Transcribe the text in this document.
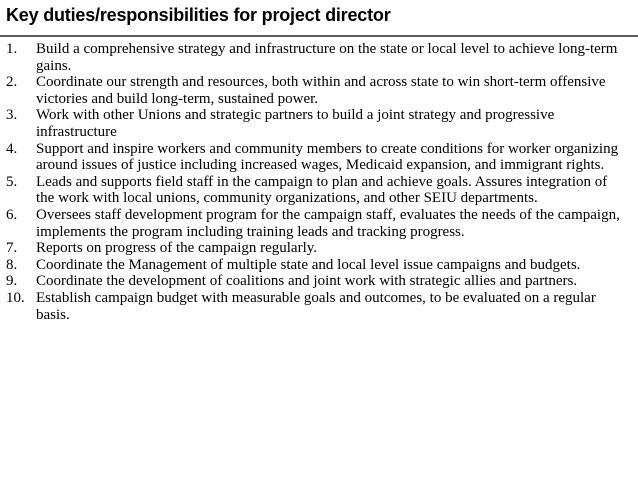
Key duties/responsibilities for project director
1.	Build a comprehensive strategy and infrastructure on the state or local level to achieve long-term gains.
2.	Coordinate our strength and resources, both within and across state to win short-term offensive victories and build long-term, sustained power.
3.	Work with other Unions and strategic partners to build a joint strategy and progressive infrastructure
4.	Support and inspire workers and community members to create conditions for worker organizing around issues of justice including increased wages, Medicaid expansion, and immigrant rights.
5.	Leads and supports field staff in the campaign to plan and achieve goals. Assures integration of the work with local unions, community organizations, and other SEIU departments.
6.	Oversees staff development program for the campaign staff, evaluates the needs of the campaign, implements the program including training leads and tracking progress.
7.	Reports on progress of the campaign regularly.
8.	Coordinate the Management of multiple state and local level issue campaigns and budgets.
9.	Coordinate the development of coalitions and joint work with strategic allies and partners.
10. Establish campaign budget with measurable goals and outcomes, to be evaluated on a regular basis.
